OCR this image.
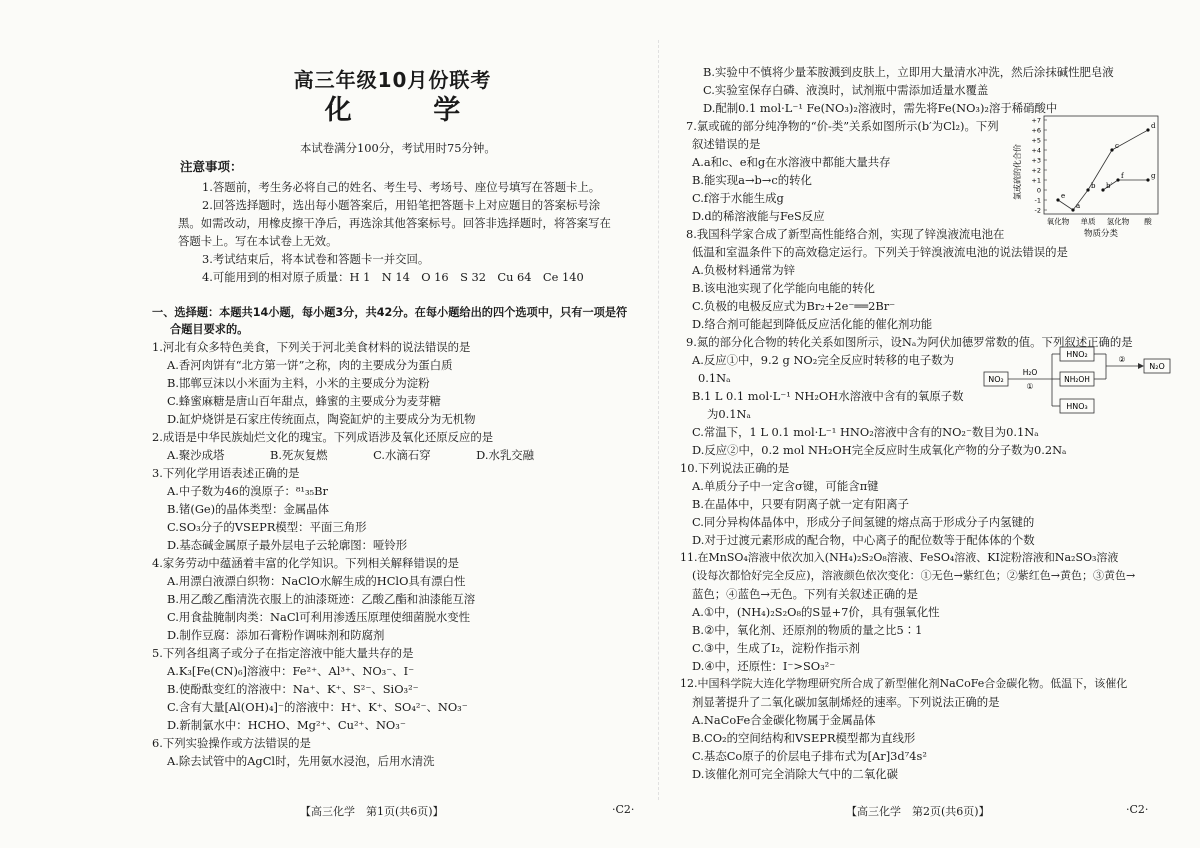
高三年级10月份联考
化 学
本试卷满分100分，考试用时75分钟。
注意事项：
1.答题前，考生务必将自己的姓名、考生号、考场号、座位号填写在答题卡上。
2.回答选择题时，选出每小题答案后，用铅笔把答题卡上对应题目的答案标号涂
黑。如需改动，用橡皮擦干净后，再选涂其他答案标号。回答非选择题时，将答案写在
答题卡上。写在本试卷上无效。
3.考试结束后，将本试卷和答题卡一并交回。
4.可能用到的相对原子质量：H 1　N 14　O 16　S 32　Cu 64　Ce 140
一、选择题：本题共14小题，每小题3分，共42分。在每小题给出的四个选项中，只有一项是符
合题目要求的。
1.河北有众多特色美食，下列关于河北美食材料的说法错误的是
A.香河肉饼有“北方第一饼”之称，肉的主要成分为蛋白质
B.邯郸豆沫以小米面为主料，小米的主要成分为淀粉
C.蜂蜜麻糖是唐山百年甜点，蜂蜜的主要成分为麦芽糖
D.缸炉烧饼是石家庄传统面点，陶瓷缸炉的主要成分为无机物
2.成语是中华民族灿烂文化的瑰宝。下列成语涉及氧化还原反应的是
A.聚沙成塔　　　　B.死灰复燃　　　　C.水滴石穿　　　　D.水乳交融
3.下列化学用语表述正确的是
A.中子数为46的溴原子：⁸¹₃₅Br
B.锗(Ge)的晶体类型：金属晶体
C.SO₃分子的VSEPR模型：平面三角形
D.基态碱金属原子最外层电子云轮廓图：哑铃形
4.家务劳动中蕴涵着丰富的化学知识。下列相关解释错误的是
A.用漂白液漂白织物：NaClO水解生成的HClO具有漂白性
B.用乙酸乙酯清洗衣服上的油漆斑迹：乙酸乙酯和油漆能互溶
C.用食盐腌制肉类：NaCl可利用渗透压原理使细菌脱水变性
D.制作豆腐：添加石膏粉作调味剂和防腐剂
5.下列各组离子或分子在指定溶液中能大量共存的是
A.K₃[Fe(CN)₆]溶液中：Fe²⁺、Al³⁺、NO₃⁻、I⁻
B.使酚酞变红的溶液中：Na⁺、K⁺、S²⁻、SiO₃²⁻
C.含有大量[Al(OH)₄]⁻的溶液中：H⁺、K⁺、SO₄²⁻、NO₃⁻
D.新制氯水中：HCHO、Mg²⁺、Cu²⁺、NO₃⁻
6.下列实验操作或方法错误的是
A.除去试管中的AgCl时，先用氨水浸泡，后用水清洗
【高三化学　第1页(共6页)】	·C2·
B.实验中不慎将少量苯胺溅到皮肤上，立即用大量清水冲洗，然后涂抹碱性肥皂液
C.实验室保存白磷、液溴时，试剂瓶中需添加适量水覆盖
D.配制0.1 mol·L⁻¹ Fe(NO₃)₂溶液时，需先将Fe(NO₃)₂溶于稀硝酸中
7.氯或硫的部分纯净物的“价-类”关系如图所示(b′为Cl₂)。下列
叙述错误的是
A.a和c、e和g在水溶液中都能大量共存
B.能实现a→b→c的转化
C.f溶于水能生成g
D.d的稀溶液能与FeS反应
8.我国科学家合成了新型高性能络合剂，实现了锌溴液流电池在
低温和室温条件下的高效稳定运行。下列关于锌溴液流电池的说法错误的是
A.负极材料通常为锌
B.该电池实现了化学能向电能的转化
C.负极的电极反应式为Br₂+2e⁻══2Br⁻
D.络合剂可能起到降低反应活化能的催化剂功能
9.氮的部分化合物的转化关系如图所示，设Nₐ为阿伏加德罗常数的值。下列叙述正确的是
A.反应①中，9.2 g NO₂完全反应时转移的电子数为
0.1Nₐ
B.1 L 0.1 mol·L⁻¹ NH₂OH水溶液中含有的氧原子数
为0.1Nₐ
C.常温下，1 L 0.1 mol·L⁻¹ HNO₂溶液中含有的NO₂⁻数目为0.1Nₐ
D.反应②中，0.2 mol NH₂OH完全反应时生成氧化产物的分子数为0.2Nₐ
10.下列说法正确的是
A.单质分子中一定含σ键，可能含π键
B.在晶体中，只要有阴离子就一定有阳离子
C.同分异构体晶体中，形成分子间氢键的熔点高于形成分子内氢键的
D.对于过渡元素形成的配合物，中心离子的配位数等于配体体的个数
11.在MnSO₄溶液中依次加入(NH₄)₂S₂O₈溶液、FeSO₄溶液、KI淀粉溶液和Na₂SO₃溶液
(设每次都恰好完全反应)，溶液颜色依次变化：①无色→紫红色；②紫红色→黄色；③黄色→
蓝色；④蓝色→无色。下列有关叙述正确的是
A.①中，(NH₄)₂S₂O₈的S显+7价，具有强氧化性
B.②中，氧化剂、还原剂的物质的量之比5∶1
C.③中，生成了I₂，淀粉作指示剂
D.④中，还原性：I⁻>SO₃²⁻
12.中国科学院大连化学物理研究所合成了新型催化剂NaCoFe合金碳化物。低温下，该催化
剂显著提升了二氧化碳加氢制烯烃的速率。下列说法正确的是
A.NaCoFe合金碳化物属于金属晶体
B.CO₂的空间结构和VSEPR模型都为直线形
C.基态Co原子的价层电子排布式为[Ar]3d⁷4s²
D.该催化剂可完全消除大气中的二氧化碳
【高三化学　第2页(共6页)】	·C2·
氯或硫的化合价
+7
+6
+5
+4
+3
+2
+1
0
-1
-2
a
b b′
c
d
e
f	g
氧化物 单质 氢化物 酸
物质分类
NO₂
H₂O
①
HNO₂
NH₂OH
HNO₃
②
N₂O
